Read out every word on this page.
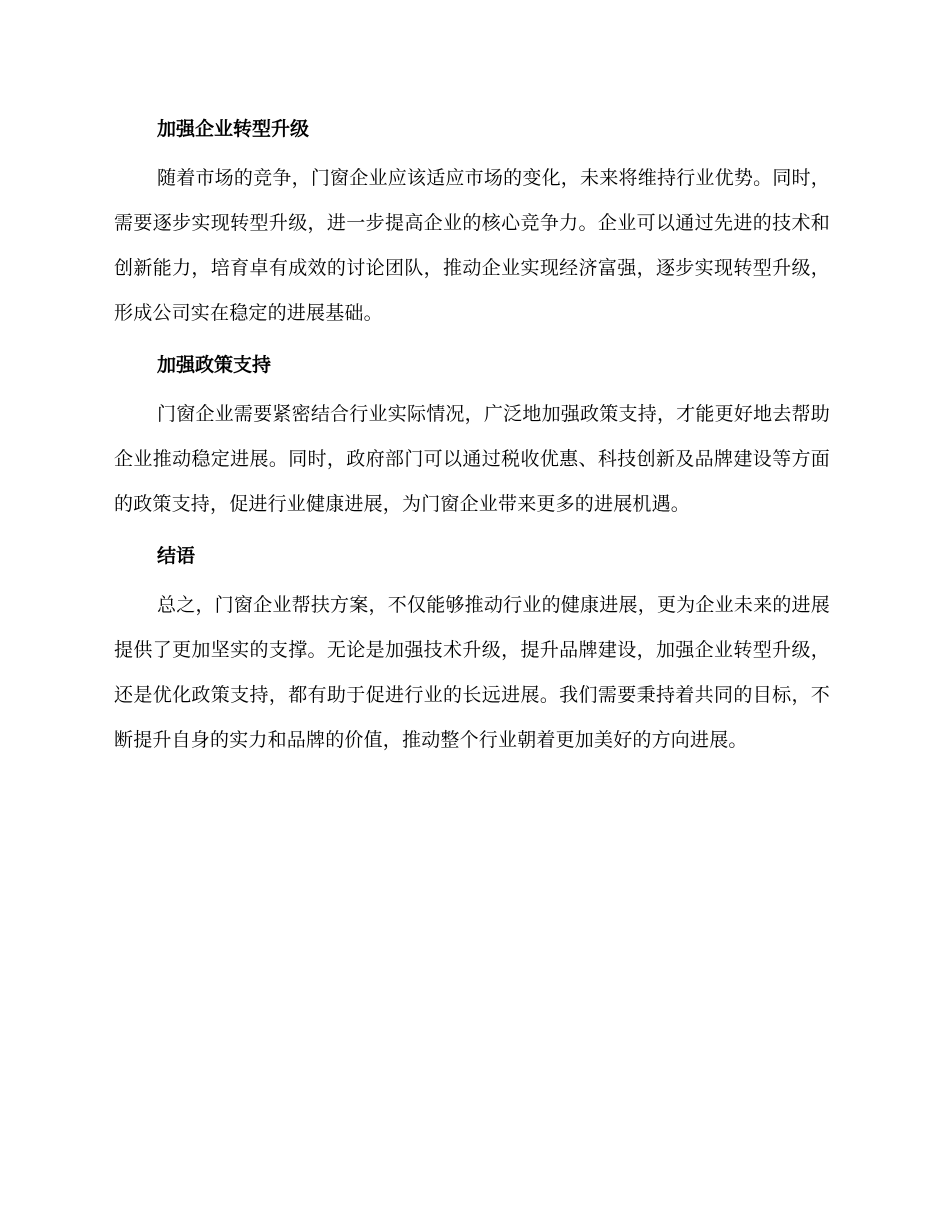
加强企业转型升级

随着市场的竞争，门窗企业应该适应市场的变化，未来将维持行业优势。同时，需要逐步实现转型升级，进一步提高企业的核心竞争力。企业可以通过先进的技术和创新能力，培育卓有成效的讨论团队，推动企业实现经济富强，逐步实现转型升级，形成公司实在稳定的进展基础。

加强政策支持

门窗企业需要紧密结合行业实际情况，广泛地加强政策支持，才能更好地去帮助企业推动稳定进展。同时，政府部门可以通过税收优惠、科技创新及品牌建设等方面的政策支持，促进行业健康进展，为门窗企业带来更多的进展机遇。

结语

总之，门窗企业帮扶方案，不仅能够推动行业的健康进展，更为企业未来的进展提供了更加坚实的支撑。无论是加强技术升级，提升品牌建设，加强企业转型升级，还是优化政策支持，都有助于促进行业的长远进展。我们需要秉持着共同的目标，不断提升自身的实力和品牌的价值，推动整个行业朝着更加美好的方向进展。
